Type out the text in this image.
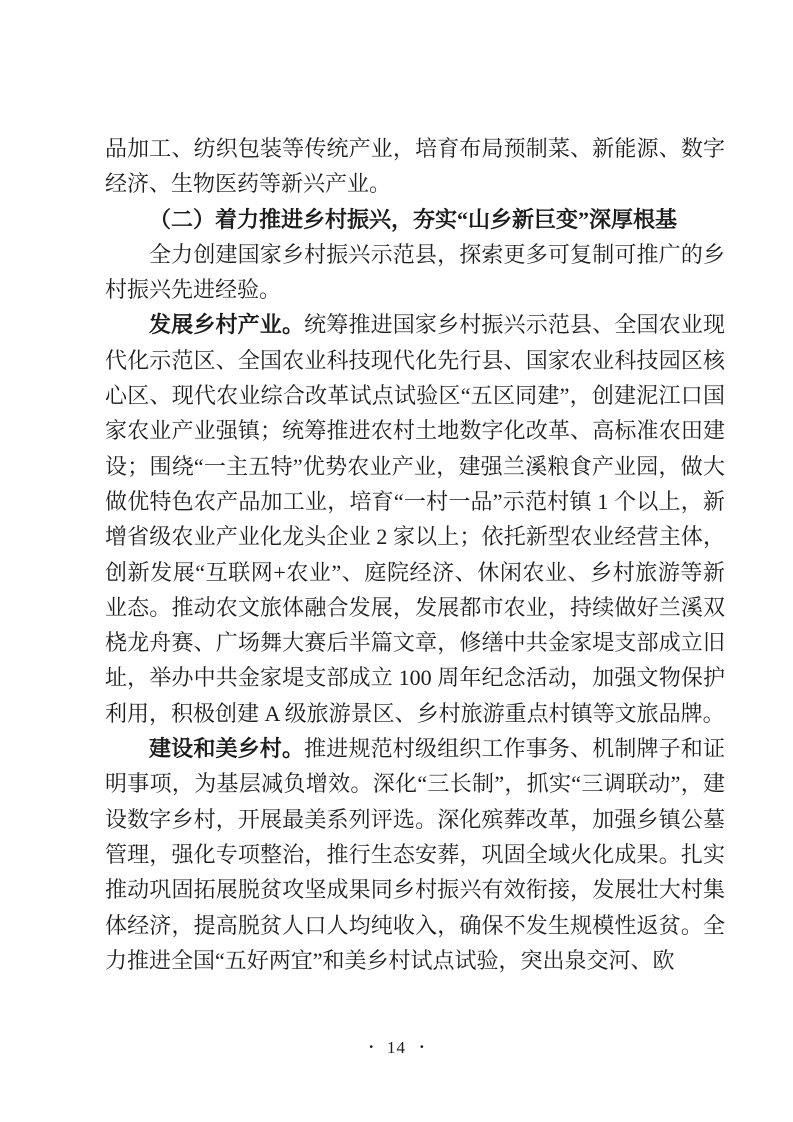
品加工、纺织包装等传统产业，培育布局预制菜、新能源、数字经济、生物医药等新兴产业。

（二）着力推进乡村振兴，夯实“山乡新巨变”深厚根基

全力创建国家乡村振兴示范县，探索更多可复制可推广的乡村振兴先进经验。

发展乡村产业。统筹推进国家乡村振兴示范县、全国农业现代化示范区、全国农业科技现代化先行县、国家农业科技园区核心区、现代农业综合改革试点试验区“五区同建”，创建泥江口国家农业产业强镇；统筹推进农村土地数字化改革、高标准农田建设；围绕“一主五特”优势农业产业，建强兰溪粮食产业园，做大做优特色农产品加工业，培育“一村一品”示范村镇 1 个以上，新增省级农业产业化龙头企业 2 家以上；依托新型农业经营主体，创新发展“互联网+农业”、庭院经济、休闲农业、乡村旅游等新业态。推动农文旅体融合发展，发展都市农业，持续做好兰溪双桡龙舟赛、广场舞大赛后半篇文章，修缮中共金家堤支部成立旧址，举办中共金家堤支部成立 100 周年纪念活动，加强文物保护利用，积极创建 A 级旅游景区、乡村旅游重点村镇等文旅品牌。

建设和美乡村。推进规范村级组织工作事务、机制牌子和证明事项，为基层减负增效。深化“三长制”，抓实“三调联动”，建设数字乡村，开展最美系列评选。深化殡葬改革，加强乡镇公墓管理，强化专项整治，推行生态安葬，巩固全域火化成果。扎实推动巩固拓展脱贫攻坚成果同乡村振兴有效衔接，发展壮大村集体经济，提高脱贫人口人均纯收入，确保不发生规模性返贫。全力推进全国“五好两宜”和美乡村试点试验，突出泉交河、欧

· 14 ·
